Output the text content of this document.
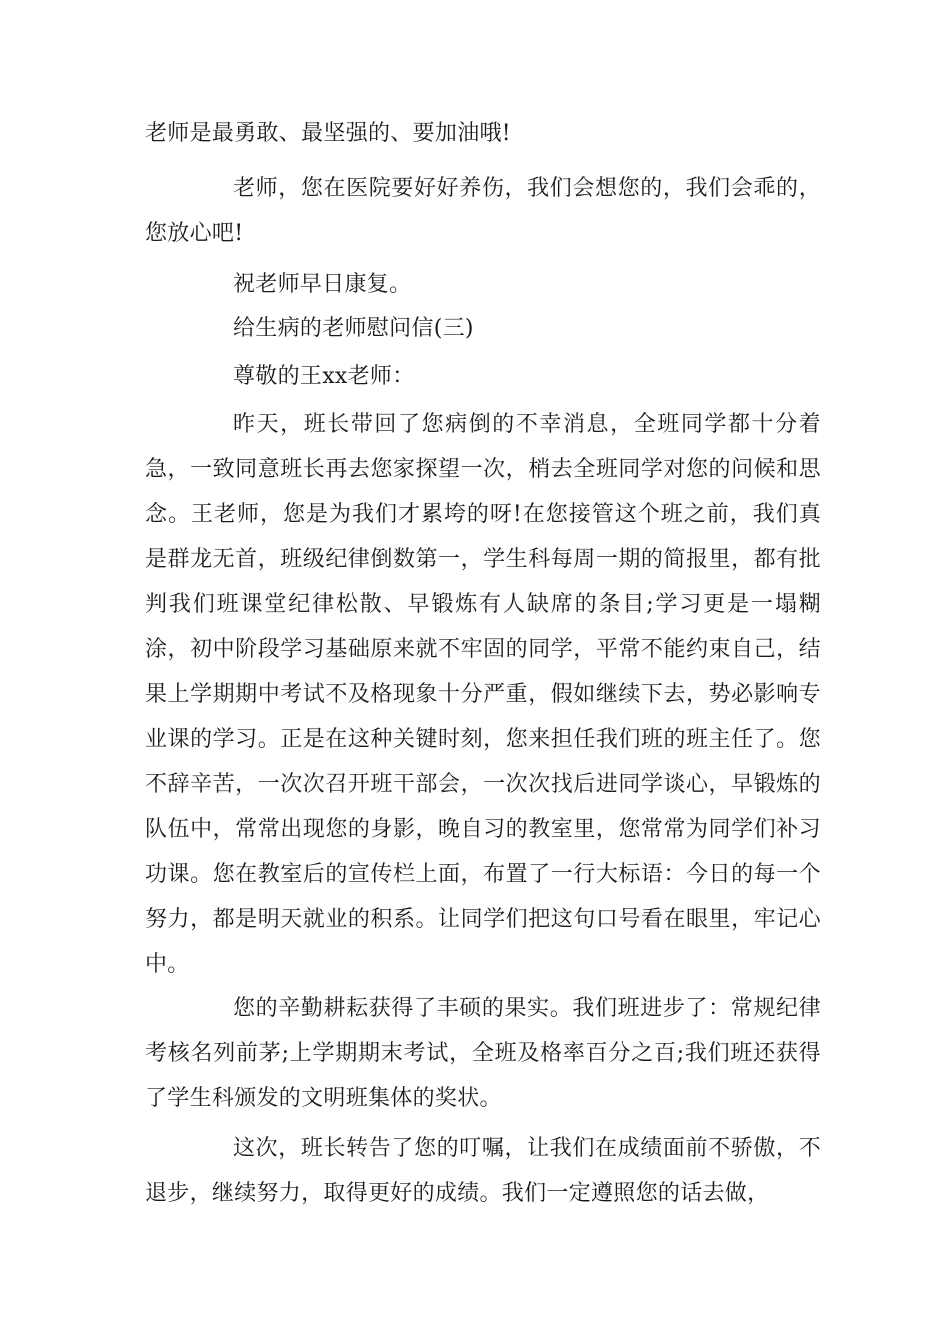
老师是最勇敢、最坚强的、要加油哦!

老师，您在医院要好好养伤，我们会想您的，我们会乖的，您放心吧!

祝老师早日康复。

给生病的老师慰问信(三)

尊敬的王xx老师：

昨天，班长带回了您病倒的不幸消息，全班同学都十分着急，一致同意班长再去您家探望一次，梢去全班同学对您的问候和思念。王老师，您是为我们才累垮的呀!在您接管这个班之前，我们真是群龙无首，班级纪律倒数第一，学生科每周一期的简报里，都有批判我们班课堂纪律松散、早锻炼有人缺席的条目;学习更是一塌糊涂，初中阶段学习基础原来就不牢固的同学，平常不能约束自己，结果上学期期中考试不及格现象十分严重，假如继续下去，势必影响专业课的学习。正是在这种关键时刻，您来担任我们班的班主任了。您不辞辛苦，一次次召开班干部会，一次次找后进同学谈心，早锻炼的队伍中，常常出现您的身影，晚自习的教室里，您常常为同学们补习功课。您在教室后的宣传栏上面，布置了一行大标语：今日的每一个努力，都是明天就业的积系。让同学们把这句口号看在眼里，牢记心中。

您的辛勤耕耘获得了丰硕的果实。我们班进步了：常规纪律考核名列前茅;上学期期末考试，全班及格率百分之百;我们班还获得了学生科颁发的文明班集体的奖状。

这次，班长转告了您的叮嘱，让我们在成绩面前不骄傲，不退步，继续努力，取得更好的成绩。我们一定遵照您的话去做，
